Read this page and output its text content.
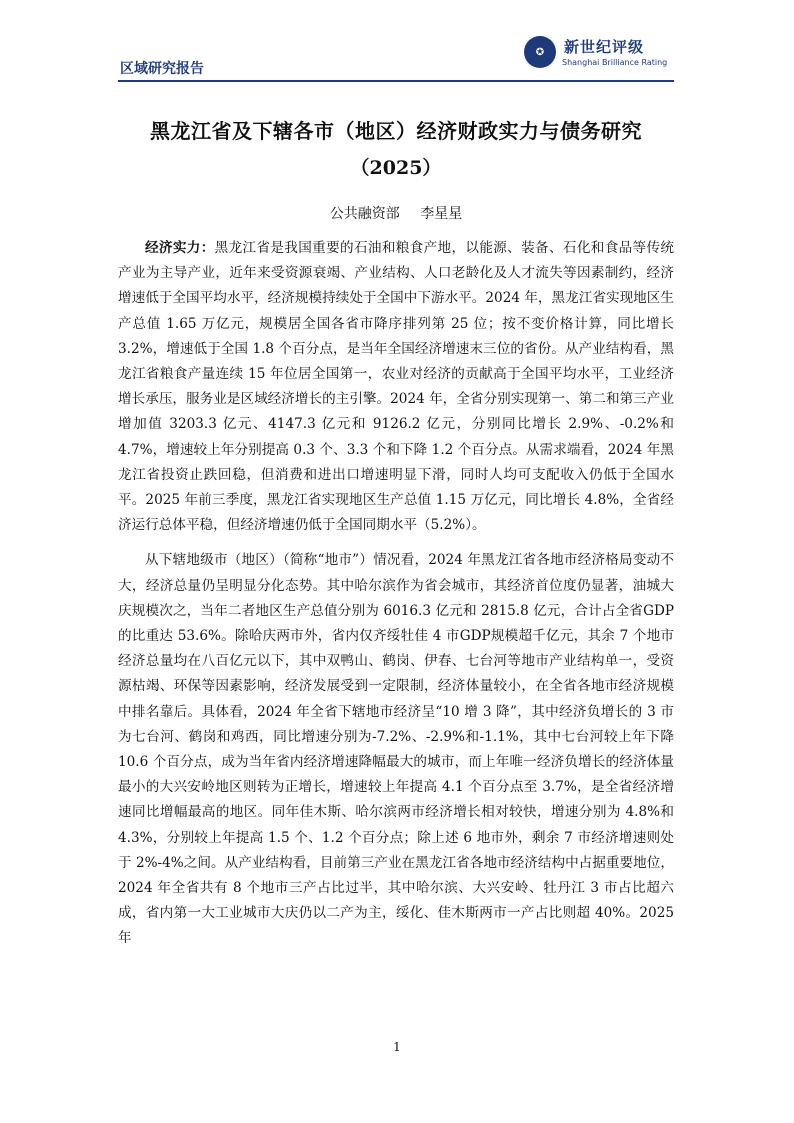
区域研究报告
✪	新世纪评级
Shanghai Brilliance Rating
黑龙江省及下辖各市（地区）经济财政实力与债务研究
（2025）
公共融资部 李星星

经济实力：黑龙江省是我国重要的石油和粮食产地，以能源、装备、石化和食品等传统产业为主导产业，近年来受资源衰竭、产业结构、人口老龄化及人才流失等因素制约，经济增速低于全国平均水平，经济规模持续处于全国中下游水平。2024 年，黑龙江省实现地区生产总值 1.65 万亿元，规模居全国各省市降序排列第 25 位；按不变价格计算，同比增长 3.2%，增速低于全国 1.8 个百分点，是当年全国经济增速末三位的省份。从产业结构看，黑龙江省粮食产量连续 15 年位居全国第一，农业对经济的贡献高于全国平均水平，工业经济增长承压，服务业是区域经济增长的主引擎。2024 年，全省分别实现第一、第二和第三产业增加值 3203.3 亿元、4147.3 亿元和 9126.2 亿元，分别同比增长 2.9%、-0.2%和 4.7%，增速较上年分别提高 0.3 个、3.3 个和下降 1.2 个百分点。从需求端看，2024 年黑龙江省投资止跌回稳，但消费和进出口增速明显下滑，同时人均可支配收入仍低于全国水平。2025 年前三季度，黑龙江省实现地区生产总值 1.15 万亿元，同比增长 4.8%，全省经济运行总体平稳，但经济增速仍低于全国同期水平（5.2%）。

从下辖地级市（地区）（简称“地市”）情况看，2024 年黑龙江省各地市经济格局变动不大，经济总量仍呈明显分化态势。其中哈尔滨作为省会城市，其经济首位度仍显著，油城大庆规模次之，当年二者地区生产总值分别为 6016.3 亿元和 2815.8 亿元，合计占全省GDP的比重达 53.6%。除哈庆两市外，省内仅齐绥牡佳 4 市GDP规模超千亿元，其余 7 个地市经济总量均在八百亿元以下，其中双鸭山、鹤岗、伊春、七台河等地市产业结构单一，受资源枯竭、环保等因素影响，经济发展受到一定限制，经济体量较小，在全省各地市经济规模中排名靠后。具体看，2024 年全省下辖地市经济呈“10 增 3 降”，其中经济负增长的 3 市为七台河、鹤岗和鸡西，同比增速分别为-7.2%、-2.9%和-1.1%，其中七台河较上年下降 10.6 个百分点，成为当年省内经济增速降幅最大的城市，而上年唯一经济负增长的经济体量最小的大兴安岭地区则转为正增长，增速较上年提高 4.1 个百分点至 3.7%，是全省经济增速同比增幅最高的地区。同年佳木斯、哈尔滨两市经济增长相对较快，增速分别为 4.8%和 4.3%，分别较上年提高 1.5 个、1.2 个百分点；除上述 6 地市外，剩余 7 市经济增速则处于 2%-4%之间。从产业结构看，目前第三产业在黑龙江省各地市经济结构中占据重要地位，2024 年全省共有 8 个地市三产占比过半，其中哈尔滨、大兴安岭、牡丹江 3 市占比超六成，省内第一大工业城市大庆仍以二产为主，绥化、佳木斯两市一产占比则超 40%。2025 年

1
